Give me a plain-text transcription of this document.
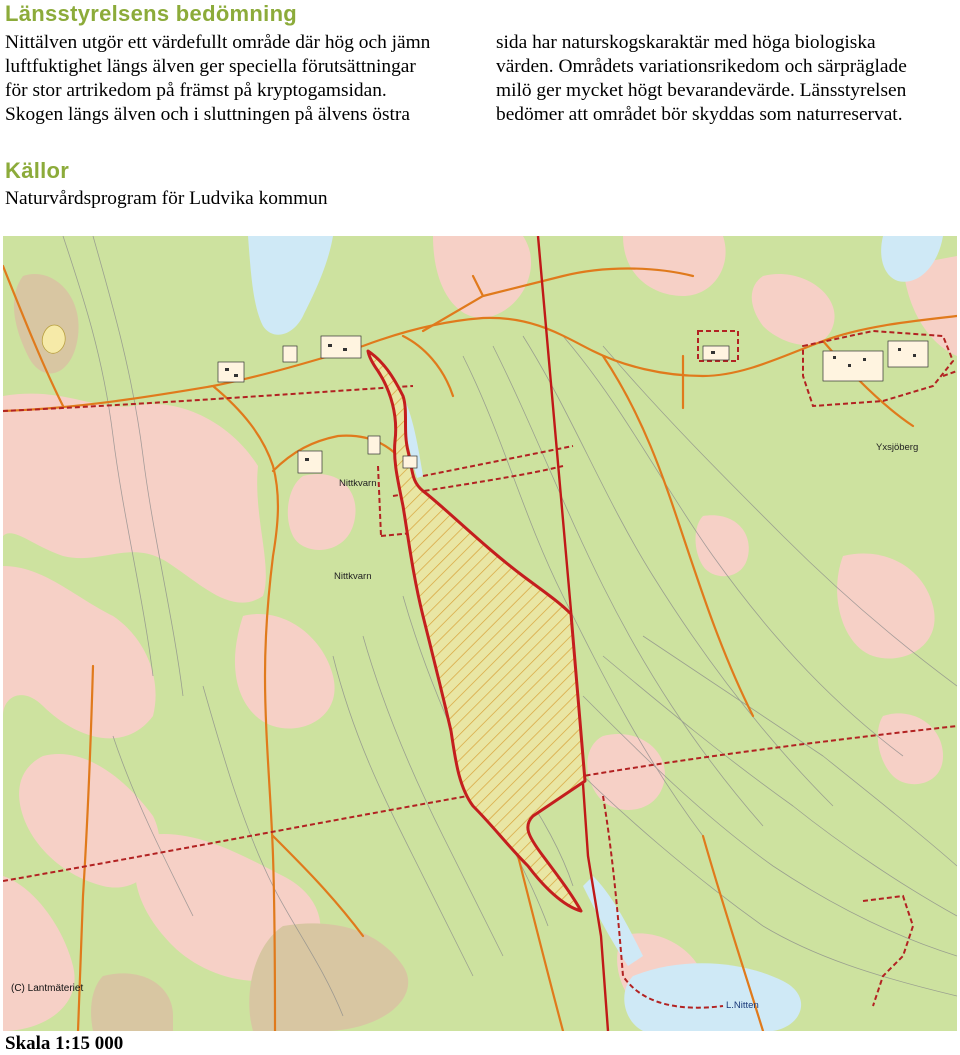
Länsstyrelsens bedömning
Nittälven utgör ett värdefullt område där hög och jämn
luftfuktighet längs älven ger speciella förutsättningar
för stor artrikedom på främst på kryptogamsidan.
Skogen längs älven och i sluttningen på älvens östra
sida har naturskogskaraktär med höga biologiska
värden. Områdets variationsrikedom och särpräglade
milö ger mycket högt bevarandevärde. Länsstyrelsen
bedömer att området bör skyddas som naturreservat.
Källor
Naturvårdsprogram för Ludvika kommun
Nittkvarn
Nittkvarn
Yxsjöberg
L.Nitten
(C) Lantmäteriet
Skala 1:15 000
